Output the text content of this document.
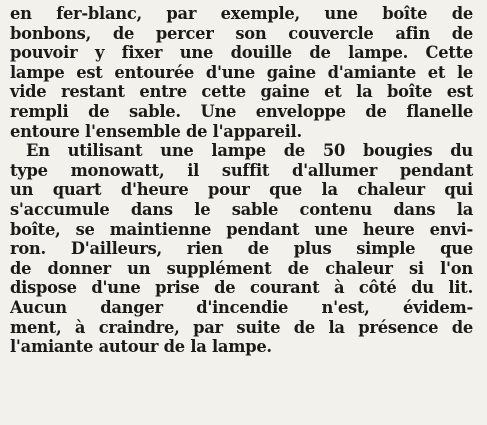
en fer-blanc, par exemple, une boîte de
bonbons, de percer son couvercle afin de
pouvoir y fixer une douille de lampe. Cette
lampe est entourée d'une gaine d'amiante et le
vide restant entre cette gaine et la boîte est
rempli de sable. Une enveloppe de flanelle
entoure l'ensemble de l'appareil.
En utilisant une lampe de 50 bougies du
type monowatt, il suffit d'allumer pendant
un quart d'heure pour que la chaleur qui
s'accumule dans le sable contenu dans la
boîte, se maintienne pendant une heure envi-
ron. D'ailleurs, rien de plus simple que
de donner un supplément de chaleur si l'on
dispose d'une prise de courant à côté du lit.
Aucun danger d'incendie n'est, évidem-
ment, à craindre, par suite de la présence de
l'amiante autour de la lampe.
